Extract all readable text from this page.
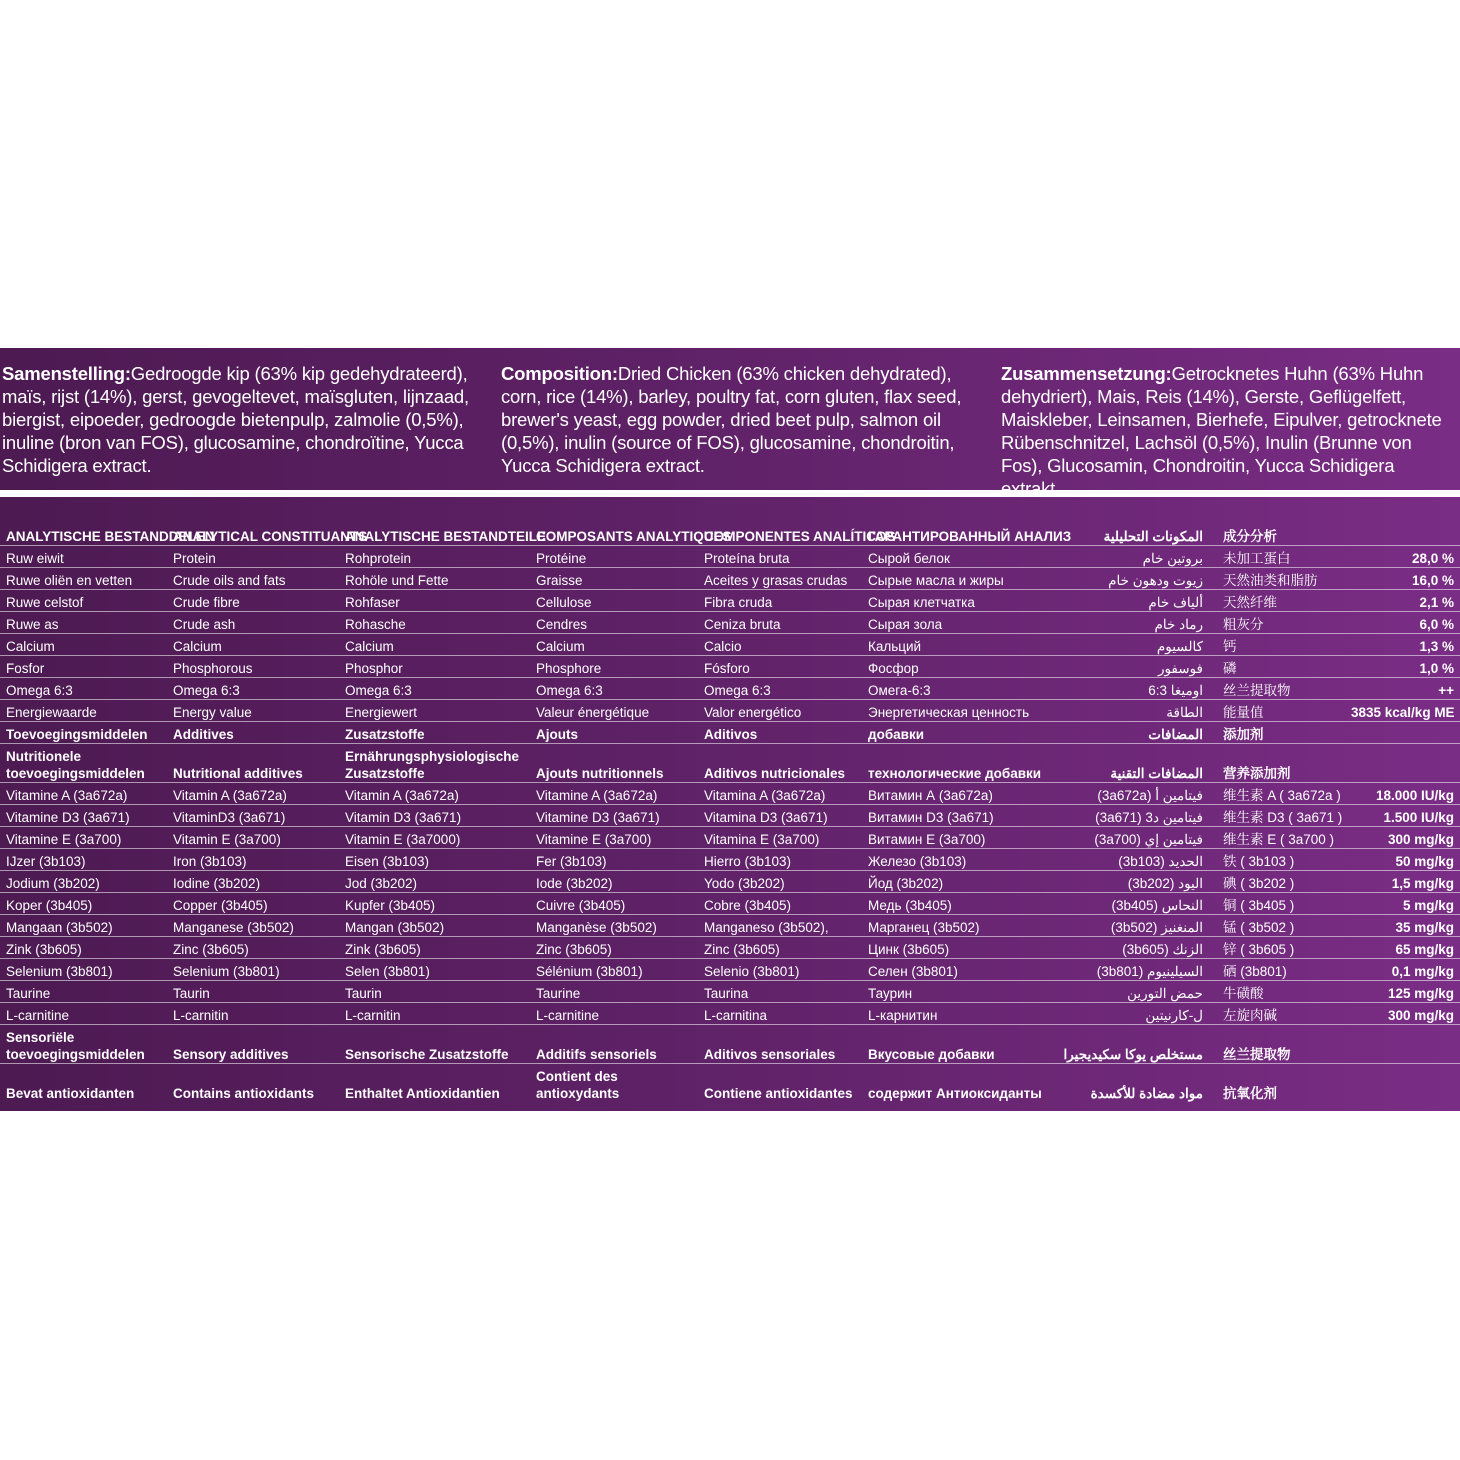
Samenstelling:Gedroogde kip (63% kip gedehydrateerd), maïs, rijst (14%), gerst, gevogeltevet, maïsgluten, lijnzaad, biergist, eipoeder, gedroogde bietenpulp, zalmolie (0,5%), inuline (bron van FOS), glucosamine, chondroïtine, Yucca Schidigera extract.
Composition:Dried Chicken (63% chicken dehydrated), corn, rice (14%), barley, poultry fat, corn gluten, flax seed, brewer's yeast, egg powder, dried beet pulp, salmon oil (0,5%), inulin (source of FOS), glucosamine, chondroitin, Yucca Schidigera extract.
Zusammensetzung:Getrocknetes Huhn (63% Huhn dehydriert), Mais, Reis (14%), Gerste, Geflügelfett, Maiskleber, Leinsamen, Bierhefe, Eipulver, getrocknete Rübenschnitzel, Lachsöl (0,5%), Inulin (Brunne von Fos), Glucosamin, Chondroitin, Yucca Schidigera extrakt.
ANALYTISCHE BESTANDDELEN	ANALYTICAL CONSTITUANTS	ANALYTISCHE BESTANDTEILE	COMPOSANTS ANALYTIQUES	COMPONENTES ANALÍTICOS	ГАРАНТИРОВАННЫЙ АНАЛИЗ	المكونات التحليلية	成分分析	
Ruw eiwit	Protein	Rohprotein	Protéine	Proteína bruta	Сырой белок	بروتين خام	未加工蛋白	28,0 %
Ruwe oliën en vetten	Crude oils and fats	Rohöle und Fette	Graisse	Aceites y grasas crudas	Сырые масла и жиры	زيوت ودهون خام	天然油类和脂肪	16,0 %
Ruwe celstof	Crude fibre	Rohfaser	Cellulose	Fibra cruda	Сырая клетчатка	ألياف خام	天然纤维	2,1 %
Ruwe as	Crude ash	Rohasche	Cendres	Ceniza bruta	Сырая зола	رماد خام	粗灰分	6,0 %
Calcium	Calcium	Calcium	Calcium	Calcio	Кальций	كالسيوم	钙	1,3 %
Fosfor	Phosphorous	Phosphor	Phosphore	Fósforo	Фосфор	فوسفور	磷	1,0 %
Omega 6:3	Omega 6:3	Omega 6:3	Omega 6:3	Omega 6:3	Омега-6:3	اوميغا 6:3	丝兰提取物	++
Energiewaarde	Energy value	Energiewert	Valeur énergétique	Valor energético	Энергетическая ценность	الطاقة	能量值	3835 kcal/kg ME
Toevoegingsmiddelen	Additives	Zusatzstoffe	Ajouts	Aditivos	добавки	المضافات	添加剂	
Nutritionele toevoegingsmiddelen	Nutritional additives	Ernährungsphysiologische Zusatzstoffe	Ajouts nutritionnels	Aditivos nutricionales	технологические добавки	المضافات التقنية	营养添加剂	
Vitamine A (3a672a)	Vitamin A (3a672a)	Vitamin A (3a672a)	Vitamine A (3a672a)	Vitamina A (3a672a)	Витамин А (3a672a)	فيتامين أ (3a672a)	维生素 A ( 3a672a )	18.000 IU/kg
Vitamine D3 (3a671)	VitaminD3 (3a671)	Vitamin D3 (3a671)	Vitamine D3 (3a671)	Vitamina D3 (3a671)	Витамин D3 (3a671)	فيتامين د3 (3a671)	维生素 D3 ( 3a671 )	1.500 IU/kg
Vitamine E (3a700)	Vitamin E (3a700)	Vitamin E (3a7000)	Vitamine E (3a700)	Vitamina E (3a700)	Витамин Е (3a700)	فيتامين إي (3a700)	维生素 E ( 3a700 )	300 mg/kg
IJzer (3b103)	Iron (3b103)	Eisen (3b103)	Fer (3b103)	Hierro (3b103)	Железо (3b103)	الحديد (3b103)	铁 ( 3b103 )	50 mg/kg
Jodium (3b202)	Iodine (3b202)	Jod (3b202)	Iode (3b202)	Yodo (3b202)	Йод (3b202)	اليود (3b202)	碘 ( 3b202 )	1,5 mg/kg
Koper (3b405)	Copper (3b405)	Kupfer (3b405)	Cuivre (3b405)	Cobre (3b405)	Медь (3b405)	النحاس (3b405)	铜 ( 3b405 )	5 mg/kg
Mangaan (3b502)	Manganese (3b502)	Mangan (3b502)	Manganèse (3b502)	Manganeso (3b502),	Марганец (3b502)	المنغنيز (3b502)	锰 ( 3b502 )	35 mg/kg
Zink (3b605)	Zinc (3b605)	Zink (3b605)	Zinc (3b605)	Zinc (3b605)	Цинк (3b605)	الزنك (3b605)	锌 ( 3b605 )	65 mg/kg
Selenium (3b801)	Selenium (3b801)	Selen (3b801)	Sélénium (3b801)	Selenio (3b801)	Селен (3b801)	السيلينيوم (3b801)	硒 (3b801)	0,1 mg/kg
Taurine	Taurin	Taurin	Taurine	Taurina	Таурин	حمض التورين	牛磺酸	125 mg/kg
L-carnitine	L-carnitin	L-carnitin	L-carnitine	L-carnitina	L-карнитин	ل-كارنيتين	左旋肉碱	300 mg/kg
Sensoriële toevoegingsmiddelen	Sensory additives	Sensorische Zusatzstoffe	Additifs sensoriels	Aditivos sensoriales	Вкусовые добавки	مستخلص يوكا سكيديجيرا	丝兰提取物	
Bevat antioxidanten	Contains antioxidants	Enthaltet Antioxidantien	Contient des antioxydants	Contiene antioxidantes	содержит Антиоксиданты	مواد مضادة للأكسدة	抗氧化剂	
